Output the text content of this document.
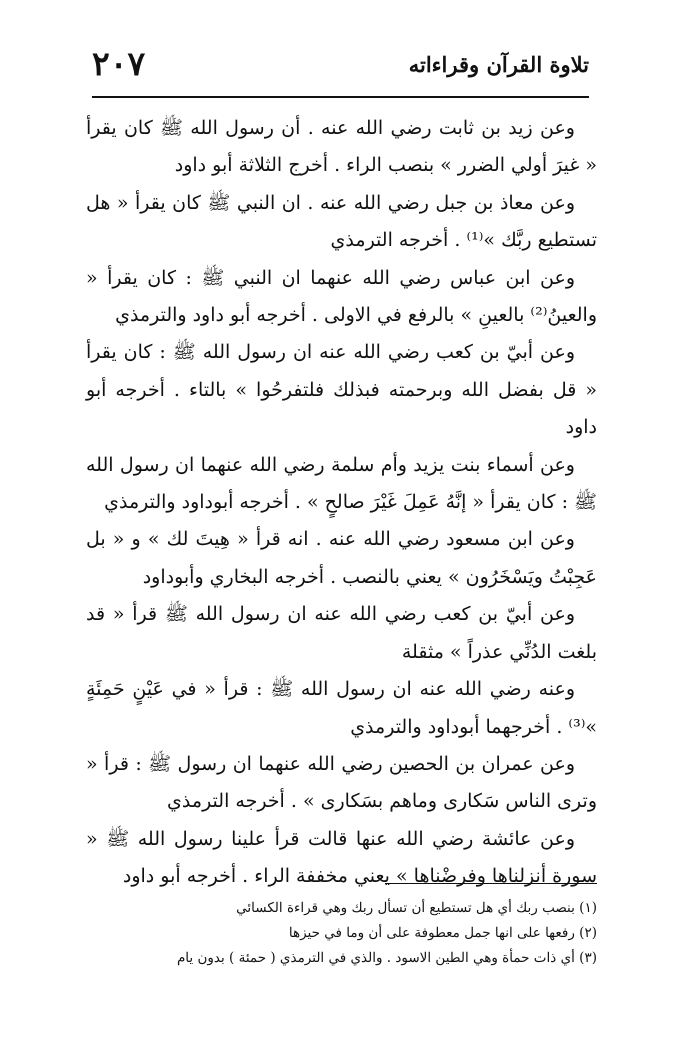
تلاوة القرآن وقراءاته
٢٠٧

وعن زيد بن ثابت رضي الله عنه . أن رسول الله ﷺ كان يقرأ « غيرَ أولي الضرر » بنصب الراء . أخرج الثلاثة أبو داود

وعن معاذ بن جبل رضي الله عنه . ان النبي ﷺ كان يقرأ « هل تستطيع ربَّك »⁽¹⁾ . أخرجه الترمذي

وعن ابن عباس رضي الله عنهما ان النبي ﷺ : كان يقرأ « والعينُ⁽²⁾ بالعينِ » بالرفع في الاولى . أخرجه أبو داود والترمذي

وعن أبيّ بن كعب رضي الله عنه ان رسول الله ﷺ : كان يقرأ « قل بفضل الله وبرحمته فبذلك فلتفرحُوا » بالتاء . أخرجه أبو داود

وعن أسماء بنت يزيد وأم سلمة رضي الله عنهما ان رسول الله ﷺ : كان يقرأ « إنَّهُ عَمِلَ غَيْرَ صالحٍ » . أخرجه أبوداود والترمذي

وعن ابن مسعود رضي الله عنه . انه قرأ « هِيتَ لك » و « بل عَجِبْتُ ويَسْخَرُون » يعني بالنصب . أخرجه البخاري وأبوداود

وعن أبيّ بن كعب رضي الله عنه ان رسول الله ﷺ قرأ « قد بلغت الدُنِّي عذراً » مثقلة

وعنه رضي الله عنه ان رسول الله ﷺ : قرأ « في عَيْنٍ حَمِئَةٍ »⁽³⁾ . أخرجهما أبوداود والترمذي

وعن عمران بن الحصين رضي الله عنهما ان رسول ﷺ : قرأ « وترى الناس سَكارى وماهم بسَكارى » . أخرجه الترمذي

وعن عائشة رضي الله عنها قالت قرأ علينا رسول الله ﷺ « سورة أنزلناها وفرضْناها » يعني مخففة الراء . أخرجه أبو داود

(١) بنصب ربك أي هل تستطيع أن تسأل ربك وهي قراءة الكسائي

(٢) رفعها على انها جمل معطوفة على أن وما في حيزها

(٣) أي ذات حمأة وهي الطين الاسود . والذي في الترمذي ( حمئة ) بدون يام
